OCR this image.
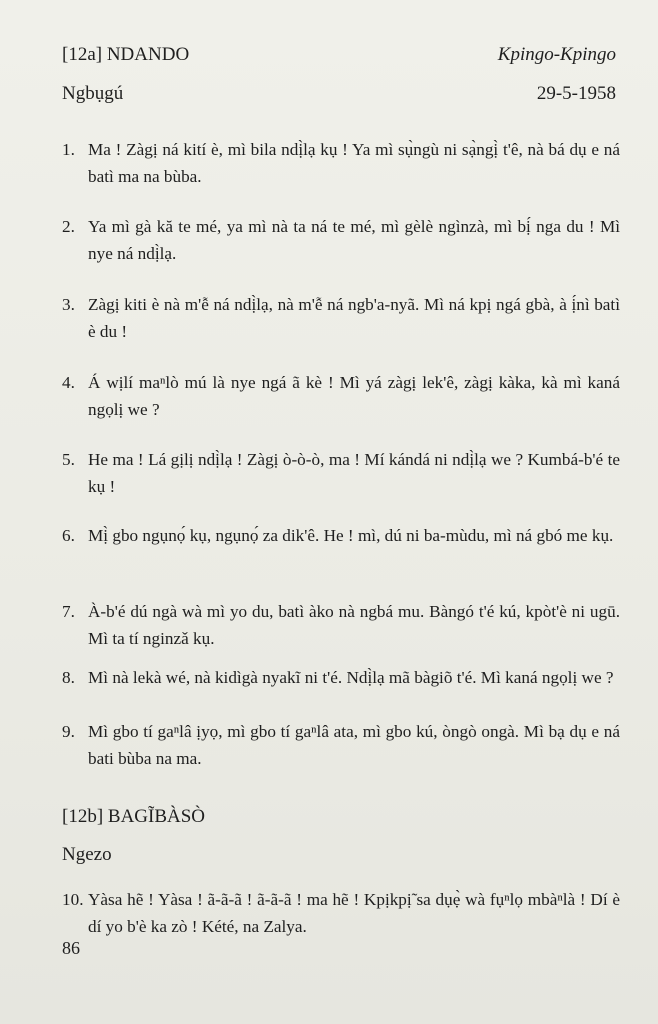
[12a] NDANDO	Kpingo-Kpingo
Ngbụgú	29-5-1958
1. Ma ! Zàgị ná kití è, mì bila ndị̀lạ kụ ! Ya mì sụ̀ngù ni sạ̀ngị̀ t'ê, nà bá dụ e ná batì ma na bùba.
2. Ya mì gà kă te mé, ya mì nà ta ná te mé, mì gèlè ngìnzà, mì bị́ nga du ! Mì nye ná ndị̀lạ.
3. Zàgị kiti è nà m'ễ ná ndị̀lạ, nà m'ễ ná ngb'a-nyã. Mì ná kpị ngá gbà, à ị́nì batì è du !
4. Á wịlí maⁿlò mú là nye ngá ã kè ! Mì yá zàgị lek'ê, zàgị kàka, kà mì kaná ngọlị we ?
5. He ma ! Lá gịlị ndị̀lạ ! Zàgị ò-ò-ò, ma ! Mí kándá ni ndị̀lạ we ? Kumbá-b'é te kụ !
6. Mị̀ gbo ngụnọ́ kụ, ngụnọ́ za dik'ê. He ! mì, dú ni ba-mùdu, mì ná gbó me kụ.
7. À-b'é dú ngà wà mì yo du, batì àko nà ngbá mu. Bàngó t'é kú, kpòt'è ni ugū. Mì ta tí nginzǎ kụ.
8. Mì nà lekà wé, nà kidìgà nyakĩ ni t'é. Ndị̀lạ mã bàgiõ t'é. Mì kaná ngọlị we ?
9. Mì gbo tí gaⁿlâ ịyọ, mì gbo tí gaⁿlâ ata, mì gbo kú, òngò ongà. Mì bạ dụ e ná bati bùba na ma.
[12b] BAGĨBÀSÒ
Ngezo
10. Yàsa hẽ ! Yàsa ! ã-ã-ã ! ã-ã-ã ! ma hẽ ! Kpịkpị̃ sa dụẹ̀ wà fụⁿlọ mbàⁿlà ! Dí è dí yo b'è ka zò ! Kété, na Zalya.
86
